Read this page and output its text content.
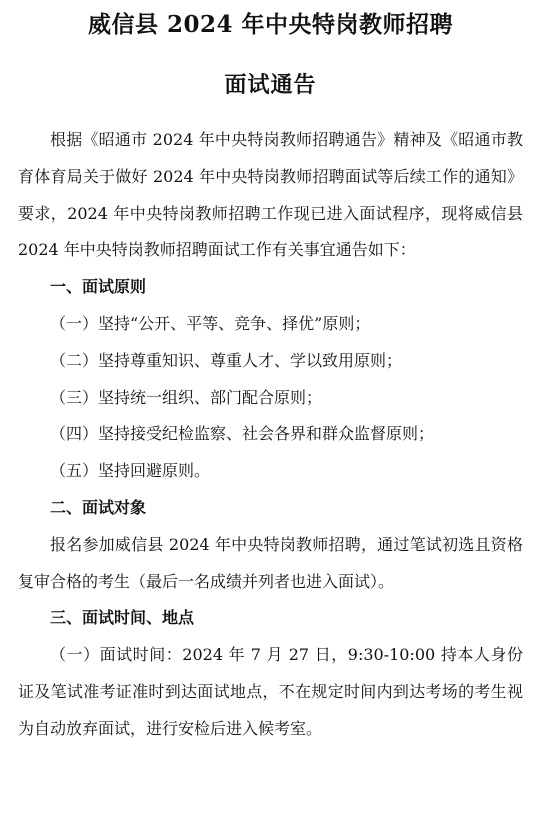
威信县 2024 年中央特岗教师招聘
面试通告

根据《昭通市 2024 年中央特岗教师招聘通告》精神及《昭通市教育体育局关于做好 2024 年中央特岗教师招聘面试等后续工作的通知》要求，2024 年中央特岗教师招聘工作现已进入面试程序，现将威信县 2024 年中央特岗教师招聘面试工作有关事宜通告如下：

一、面试原则

（一）坚持“公开、平等、竞争、择优”原则；

（二）坚持尊重知识、尊重人才、学以致用原则；

（三）坚持统一组织、部门配合原则；

（四）坚持接受纪检监察、社会各界和群众监督原则；

（五）坚持回避原则。

二、面试对象

报名参加威信县 2024 年中央特岗教师招聘，通过笔试初选且资格复审合格的考生（最后一名成绩并列者也进入面试）。

三、面试时间、地点

（一）面试时间：2024 年 7 月 27 日，9:30-10:00 持本人身份证及笔试准考证准时到达面试地点，不在规定时间内到达考场的考生视为自动放弃面试，进行安检后进入候考室。
